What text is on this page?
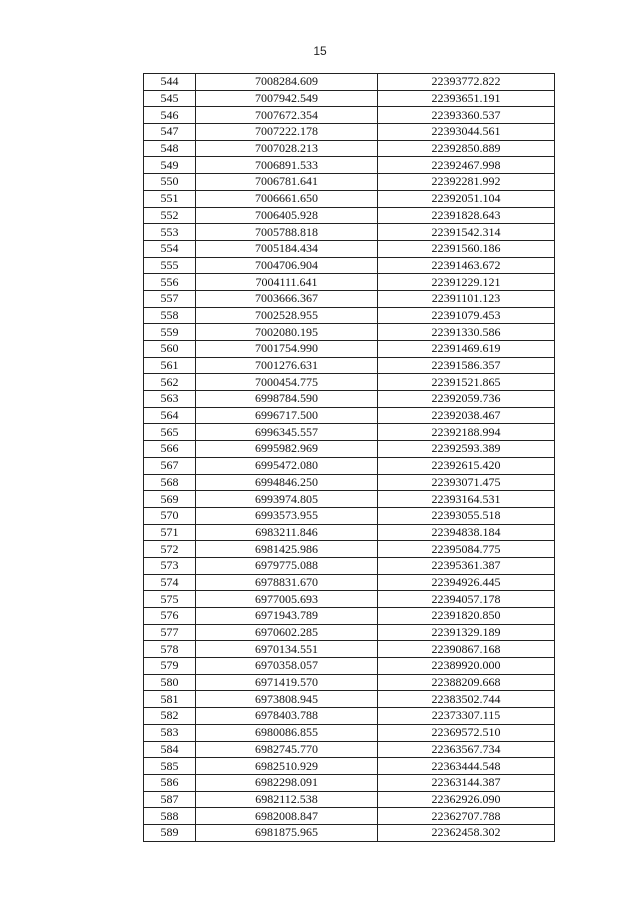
15
544	7008284.609	22393772.822
545	7007942.549	22393651.191
546	7007672.354	22393360.537
547	7007222.178	22393044.561
548	7007028.213	22392850.889
549	7006891.533	22392467.998
550	7006781.641	22392281.992
551	7006661.650	22392051.104
552	7006405.928	22391828.643
553	7005788.818	22391542.314
554	7005184.434	22391560.186
555	7004706.904	22391463.672
556	7004111.641	22391229.121
557	7003666.367	22391101.123
558	7002528.955	22391079.453
559	7002080.195	22391330.586
560	7001754.990	22391469.619
561	7001276.631	22391586.357
562	7000454.775	22391521.865
563	6998784.590	22392059.736
564	6996717.500	22392038.467
565	6996345.557	22392188.994
566	6995982.969	22392593.389
567	6995472.080	22392615.420
568	6994846.250	22393071.475
569	6993974.805	22393164.531
570	6993573.955	22393055.518
571	6983211.846	22394838.184
572	6981425.986	22395084.775
573	6979775.088	22395361.387
574	6978831.670	22394926.445
575	6977005.693	22394057.178
576	6971943.789	22391820.850
577	6970602.285	22391329.189
578	6970134.551	22390867.168
579	6970358.057	22389920.000
580	6971419.570	22388209.668
581	6973808.945	22383502.744
582	6978403.788	22373307.115
583	6980086.855	22369572.510
584	6982745.770	22363567.734
585	6982510.929	22363444.548
586	6982298.091	22363144.387
587	6982112.538	22362926.090
588	6982008.847	22362707.788
589	6981875.965	22362458.302
